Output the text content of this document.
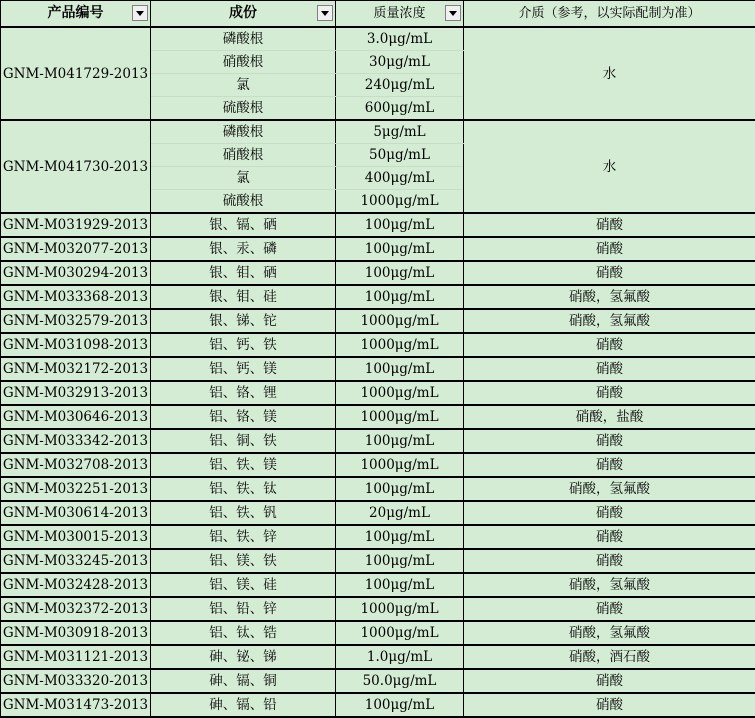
产品编号	成份	质量浓度	介质（参考，以实际配制为准）
GNM-M041729-2013	磷酸根	3.0μg/mL	水
	硝酸根	30μg/mL	
	氯	240μg/mL	
	硫酸根	600μg/mL	
GNM-M041730-2013	磷酸根	5μg/mL	水
	硝酸根	50μg/mL	
	氯	400μg/mL	
	硫酸根	1000μg/mL	
GNM-M031929-2013	银、镉、硒	100μg/mL	硝酸
GNM-M032077-2013	银、汞、磷	100μg/mL	硝酸
GNM-M030294-2013	银、钼、硒	100μg/mL	硝酸
GNM-M033368-2013	银、钼、硅	100μg/mL	硝酸，氢氟酸
GNM-M032579-2013	银、锑、铊	1000μg/mL	硝酸，氢氟酸
GNM-M031098-2013	铝、钙、铁	1000μg/mL	硝酸
GNM-M032172-2013	铝、钙、镁	100μg/mL	硝酸
GNM-M032913-2013	铝、铬、锂	1000μg/mL	硝酸
GNM-M030646-2013	铝、铬、镁	1000μg/mL	硝酸，盐酸
GNM-M033342-2013	铝、铜、铁	100μg/mL	硝酸
GNM-M032708-2013	铝、铁、镁	1000μg/mL	硝酸
GNM-M032251-2013	铝、铁、钛	100μg/mL	硝酸，氢氟酸
GNM-M030614-2013	铝、铁、钒	20μg/mL	硝酸
GNM-M030015-2013	铝、铁、锌	100μg/mL	硝酸
GNM-M033245-2013	铝、镁、铁	100μg/mL	硝酸
GNM-M032428-2013	铝、镁、硅	100μg/mL	硝酸，氢氟酸
GNM-M032372-2013	铝、铅、锌	1000μg/mL	硝酸
GNM-M030918-2013	铝、钛、锆	1000μg/mL	硝酸，氢氟酸
GNM-M031121-2013	砷、铋、锑	1.0μg/mL	硝酸，酒石酸
GNM-M033320-2013	砷、镉、铜	50.0μg/mL	硝酸
GNM-M031473-2013	砷、镉、铅	100μg/mL	硝酸
